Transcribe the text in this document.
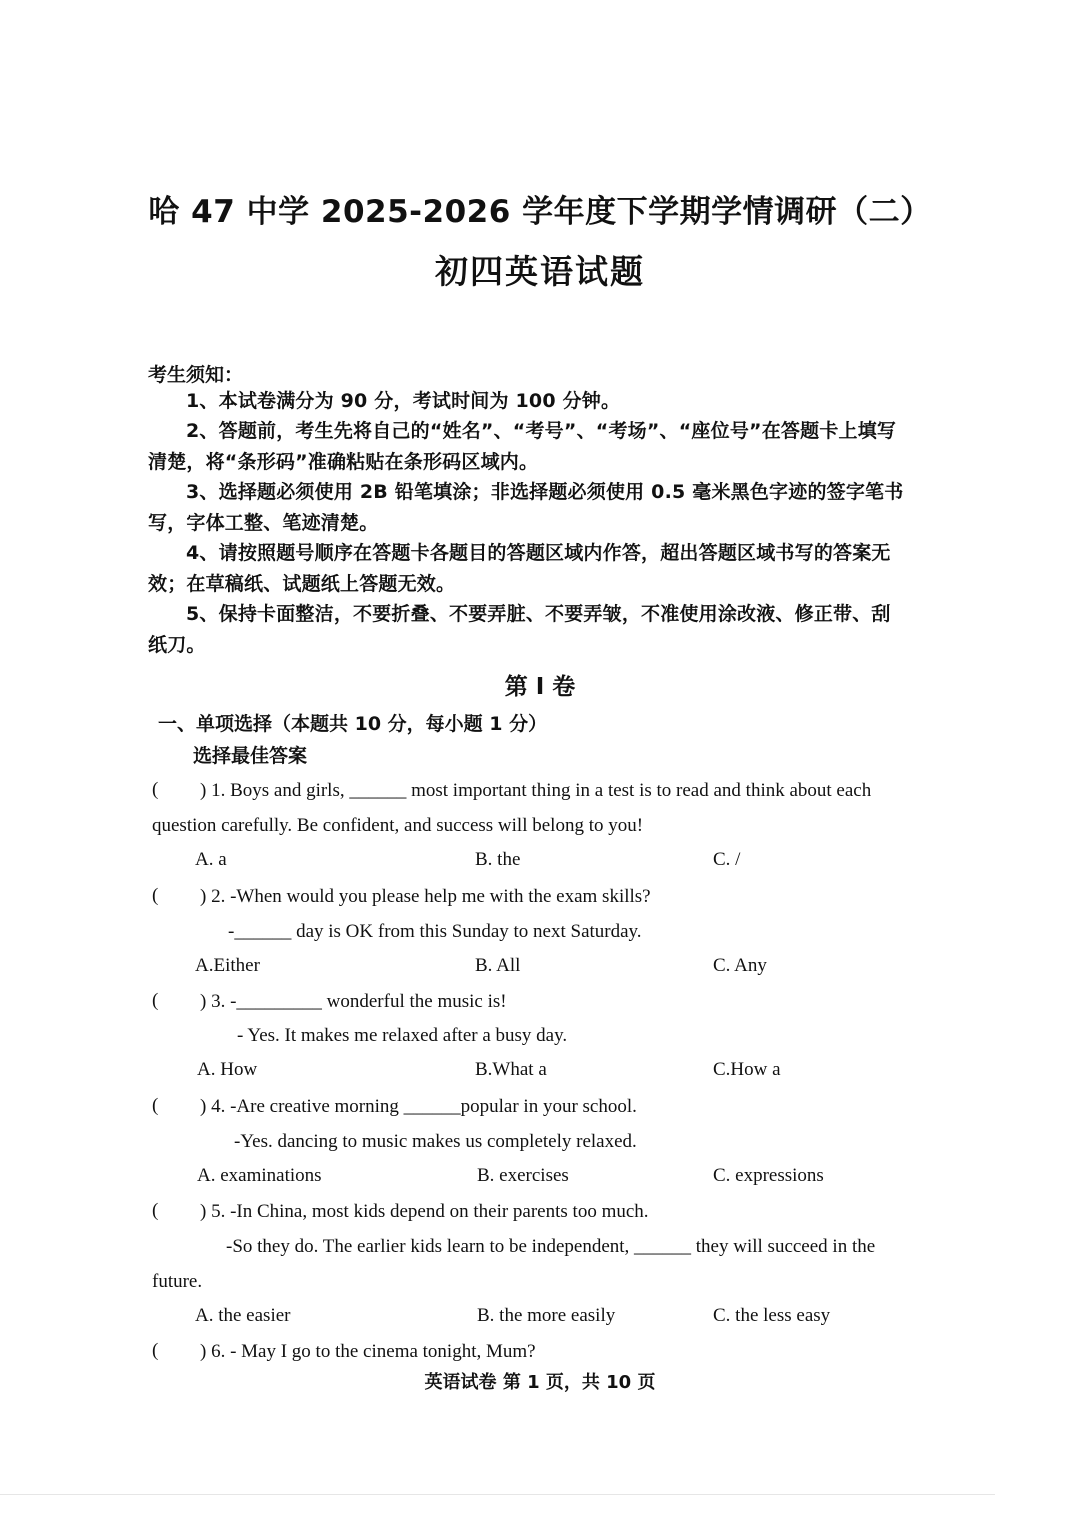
哈 47 中学 2025-2026 学年度下学期学情调研（二）
初四英语试题
考生须知：
1、本试卷满分为 90 分，考试时间为 100 分钟。
2、答题前，考生先将自己的“姓名”、“考号”、“考场”、“座位号”在答题卡上填写
清楚，将“条形码”准确粘贴在条形码区域内。
3、选择题必须使用 2B 铅笔填涂；非选择题必须使用 0.5 毫米黑色字迹的签字笔书
写，字体工整、笔迹清楚。
4、请按照题号顺序在答题卡各题目的答题区域内作答，超出答题区域书写的答案无
效；在草稿纸、试题纸上答题无效。
5、保持卡面整洁，不要折叠、不要弄脏、不要弄皱，不准使用涂改液、修正带、刮
纸刀。
第 I 卷
一、单项选择（本题共 10 分，每小题 1 分）
选择最佳答案
( ) 1. Boys and girls, ______ most important thing in a test is to read and think about each
question carefully. Be confident, and success will belong to you!
A. a	B. the	C. /
( ) 2. -When would you please help me with the exam skills?
-______ day is OK from this Sunday to next Saturday.
A.Either	B. All	C. Any
( ) 3. -_________ wonderful the music is!
- Yes. It makes me relaxed after a busy day.
A. How	B.What a	C.How a
( ) 4. -Are creative morning ______popular in your school.
-Yes. dancing to music makes us completely relaxed.
A. examinations	B. exercises	C. expressions
( ) 5. -In China, most kids depend on their parents too much.
-So they do. The earlier kids learn to be independent, ______ they will succeed in the
future.
A. the easier	B. the more easily	C. the less easy
( ) 6. - May I go to the cinema tonight, Mum?
英语试卷 第 1 页，共 10 页
